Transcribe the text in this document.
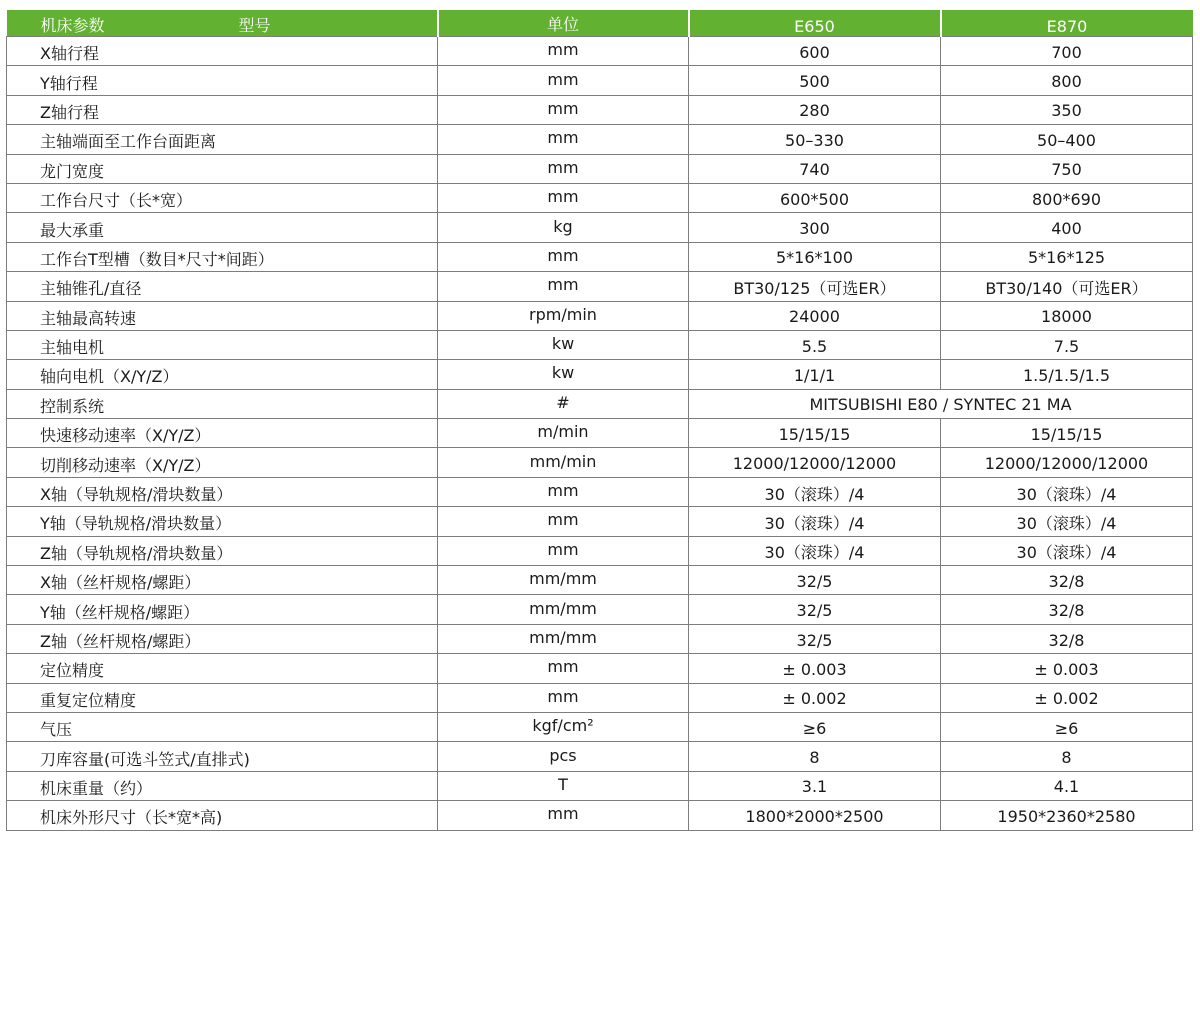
机床参数 型号	单位	E650	E870
X轴行程	mm	600	700
Y轴行程	mm	500	800
Z轴行程	mm	280	350
主轴端面至工作台面距离	mm	50–330	50–400
龙门宽度	mm	740	750
工作台尺寸（长*宽）	mm	600*500	800*690
最大承重	kg	300	400
工作台T型槽（数目*尺寸*间距）	mm	5*16*100	5*16*125
主轴锥孔/直径	mm	BT30/125（可选ER）	BT30/140（可选ER）
主轴最高转速	rpm/min	24000	18000
主轴电机	kw	5.5	7.5
轴向电机（X/Y/Z）	kw	1/1/1	1.5/1.5/1.5
控制系统	#	MITSUBISHI E80 / SYNTEC 21 MA	
快速移动速率（X/Y/Z）	m/min	15/15/15	15/15/15
切削移动速率（X/Y/Z）	mm/min	12000/12000/12000	12000/12000/12000
X轴（导轨规格/滑块数量）	mm	30（滚珠）/4	30（滚珠）/4
Y轴（导轨规格/滑块数量）	mm	30（滚珠）/4	30（滚珠）/4
Z轴（导轨规格/滑块数量）	mm	30（滚珠）/4	30（滚珠）/4
X轴（丝杆规格/螺距）	mm/mm	32/5	32/8
Y轴（丝杆规格/螺距）	mm/mm	32/5	32/8
Z轴（丝杆规格/螺距）	mm/mm	32/5	32/8
定位精度	mm	± 0.003	± 0.003
重复定位精度	mm	± 0.002	± 0.002
气压	kgf/cm²	≥6	≥6
刀库容量(可选斗笠式/直排式)	pcs	8	8
机床重量（约）	T	3.1	4.1
机床外形尺寸（长*宽*高)	mm	1800*2000*2500	1950*2360*2580
